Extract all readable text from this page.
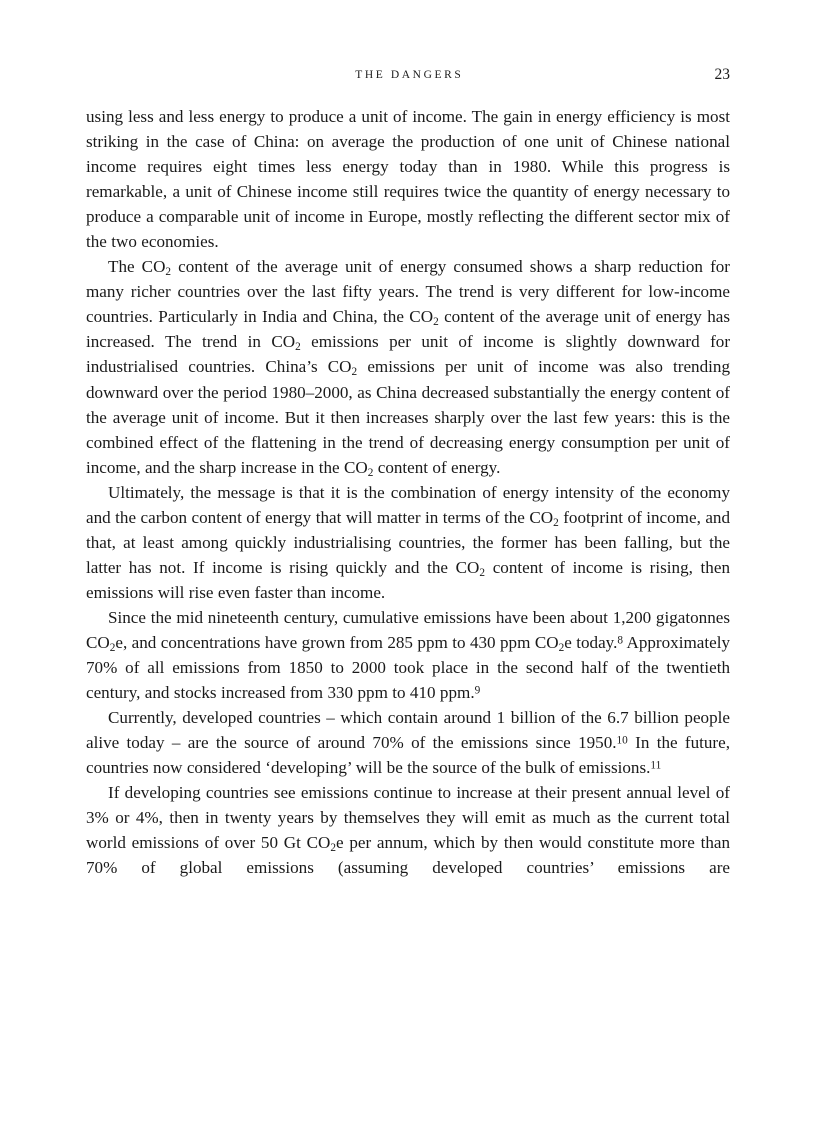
THE DANGERS	23

using less and less energy to produce a unit of income. The gain in energy efficiency is most striking in the case of China: on average the production of one unit of Chinese national income requires eight times less energy today than in 1980. While this progress is remarkable, a unit of Chinese income still requires twice the quantity of energy necessary to produce a comparable unit of income in Europe, mostly reflecting the different sector mix of the two economies.

The $CO_2$ content of the average unit of energy consumed shows a sharp reduction for many richer countries over the last fifty years. The trend is very different for low-income countries. Particularly in India and China, the $CO_2$ content of the average unit of energy has increased. The trend in $CO_2$ emissions per unit of income is slightly downward for industrialised countries. China’s $CO_2$ emissions per unit of income was also trending downward over the period 1980–2000, as China decreased substantially the energy content of the average unit of income. But it then increases sharply over the last few years: this is the combined effect of the flattening in the trend of decreasing energy consumption per unit of income, and the sharp increase in the $CO_2$ content of energy.

Ultimately, the message is that it is the combination of energy intensity of the economy and the carbon content of energy that will matter in terms of the $CO_2$ footprint of income, and that, at least among quickly industrialising countries, the former has been falling, but the latter has not. If income is rising quickly and the $CO_2$ content of income is rising, then emissions will rise even faster than income.

Since the mid nineteenth century, cumulative emissions have been about 1,200 gigatonnes $CO_2e$, and concentrations have grown from 285 ppm to 430 ppm $CO_2e$ today.$^8$ Approximately 70% of all emissions from 1850 to 2000 took place in the second half of the twentieth century, and stocks increased from 330 ppm to 410 ppm.$^9$

Currently, developed countries – which contain around 1 billion of the 6.7 billion people alive today – are the source of around 70% of the emissions since 1950.10 In the future, countries now considered ‘developing’ will be the source of the bulk of emissions.$^{11}$

If developing countries see emissions continue to increase at their present annual level of 3% or 4%, then in twenty years by themselves they will emit as much as the current total world emissions of over 50 Gt $CO_2e$ per annum, which by then would constitute more than 70% of global emissions (assuming developed countries’ emissions are
